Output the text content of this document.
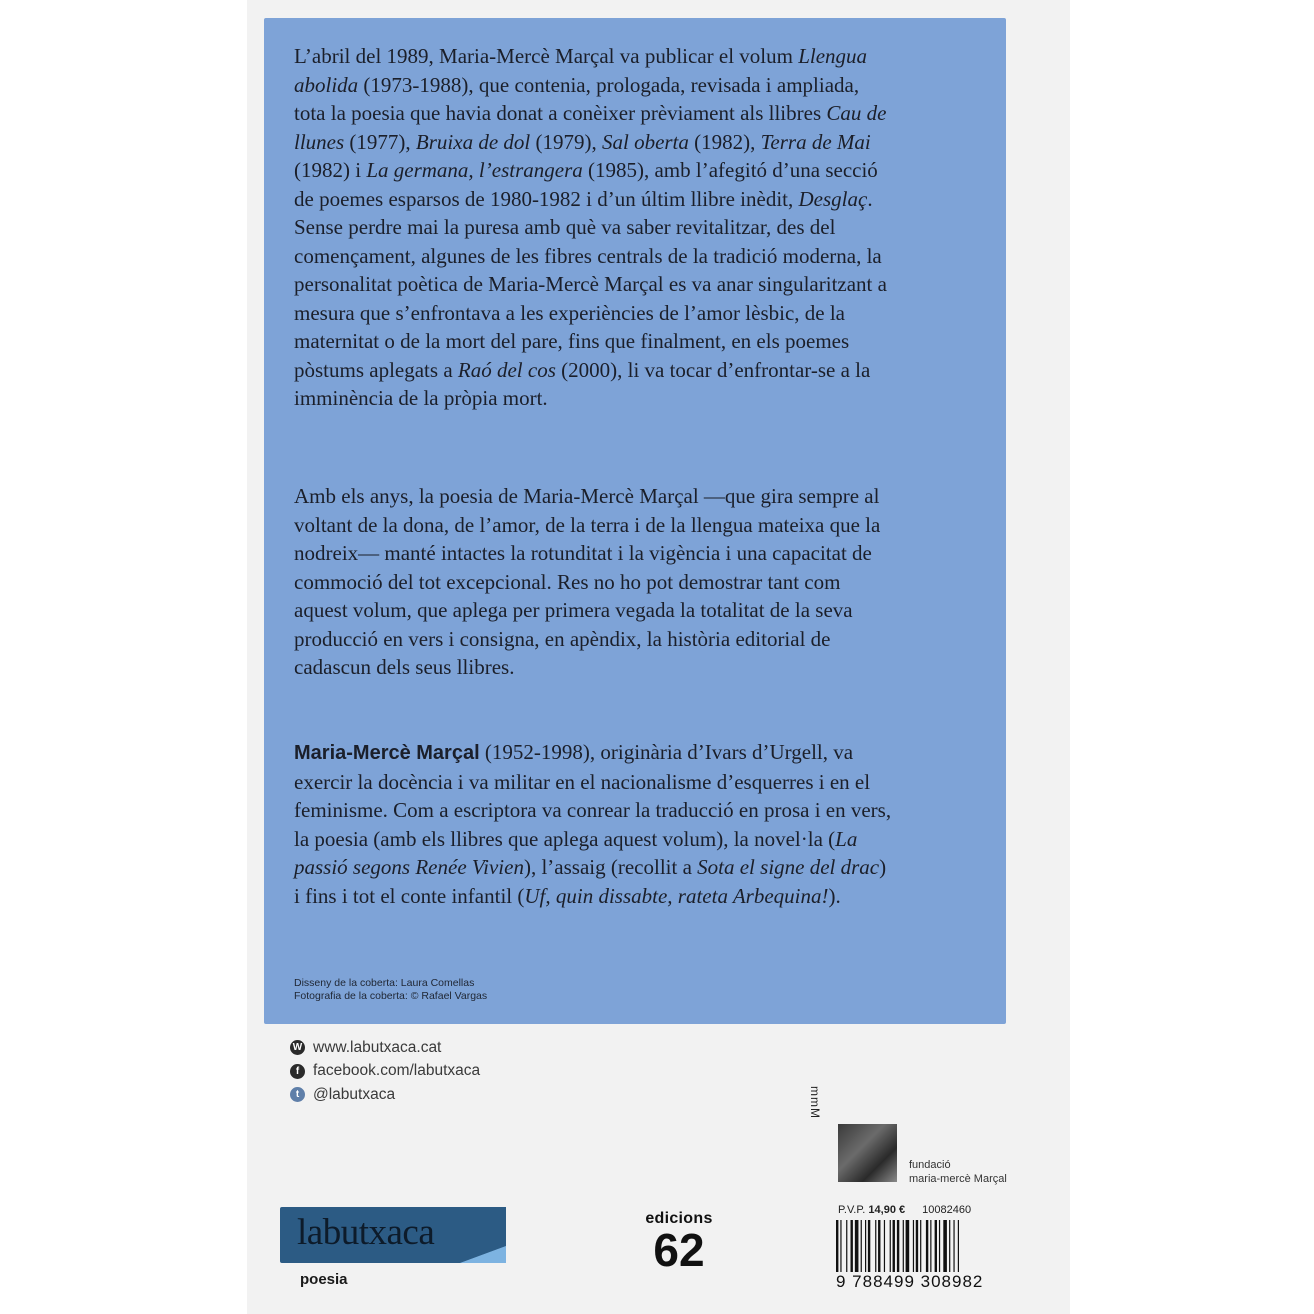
L’abril del 1989, Maria-Mercè Marçal va publicar el volum Llengua abolida (1973-1988), que contenia, prologada, revisada i ampliada, tota la poesia que havia donat a conèixer prèviament als llibres Cau de llunes (1977), Bruixa de dol (1979), Sal oberta (1982), Terra de Mai (1982) i La germana, l’estrangera (1985), amb l’afegitó d’una secció de poemes esparsos de 1980-1982 i d’un últim llibre inèdit, Desglaç. Sense perdre mai la puresa amb què va saber revitalitzar, des del començament, algunes de les fibres centrals de la tradició moderna, la personalitat poètica de Maria-Mercè Marçal es va anar singularitzant a mesura que s’enfrontava a les experiències de l’amor lèsbic, de la maternitat o de la mort del pare, fins que finalment, en els poemes pòstums aplegats a Raó del cos (2000), li va tocar d’enfrontar-se a la imminència de la pròpia mort.

Amb els anys, la poesia de Maria-Mercè Marçal —que gira sempre al voltant de la dona, de l’amor, de la terra i de la llengua mateixa que la nodreix— manté intactes la rotunditat i la vigència i una capacitat de commoció del tot excepcional. Res no ho pot demostrar tant com aquest volum, que aplega per primera vegada la totalitat de la seva producció en vers i consigna, en apèndix, la història editorial de cadascun dels seus llibres.

Maria-Mercè Marçal (1952-1998), originària d’Ivars d’Urgell, va exercir la docència i va militar en el nacionalisme d’esquerres i en el feminisme. Com a escriptora va conrear la traducció en prosa i en vers, la poesia (amb els llibres que aplega aquest volum), la novel·la (La passió segons Renée Vivien), l’assaig (recollit a Sota el signe del drac) i fins i tot el conte infantil (Uf, quin dissabte, rateta Arbequina!).

Disseny de la coberta: Laura Comellas
Fotografia de la coberta: © Rafael Vargas
W www.labutxaca.cat
f facebook.com/labutxaca
t @labutxaca	mmM
fundació
maria-mercè Marçal
labutxaca
poesia
edicions
62
P.V.P. 14,90 € 10082460
9 788499 308982
